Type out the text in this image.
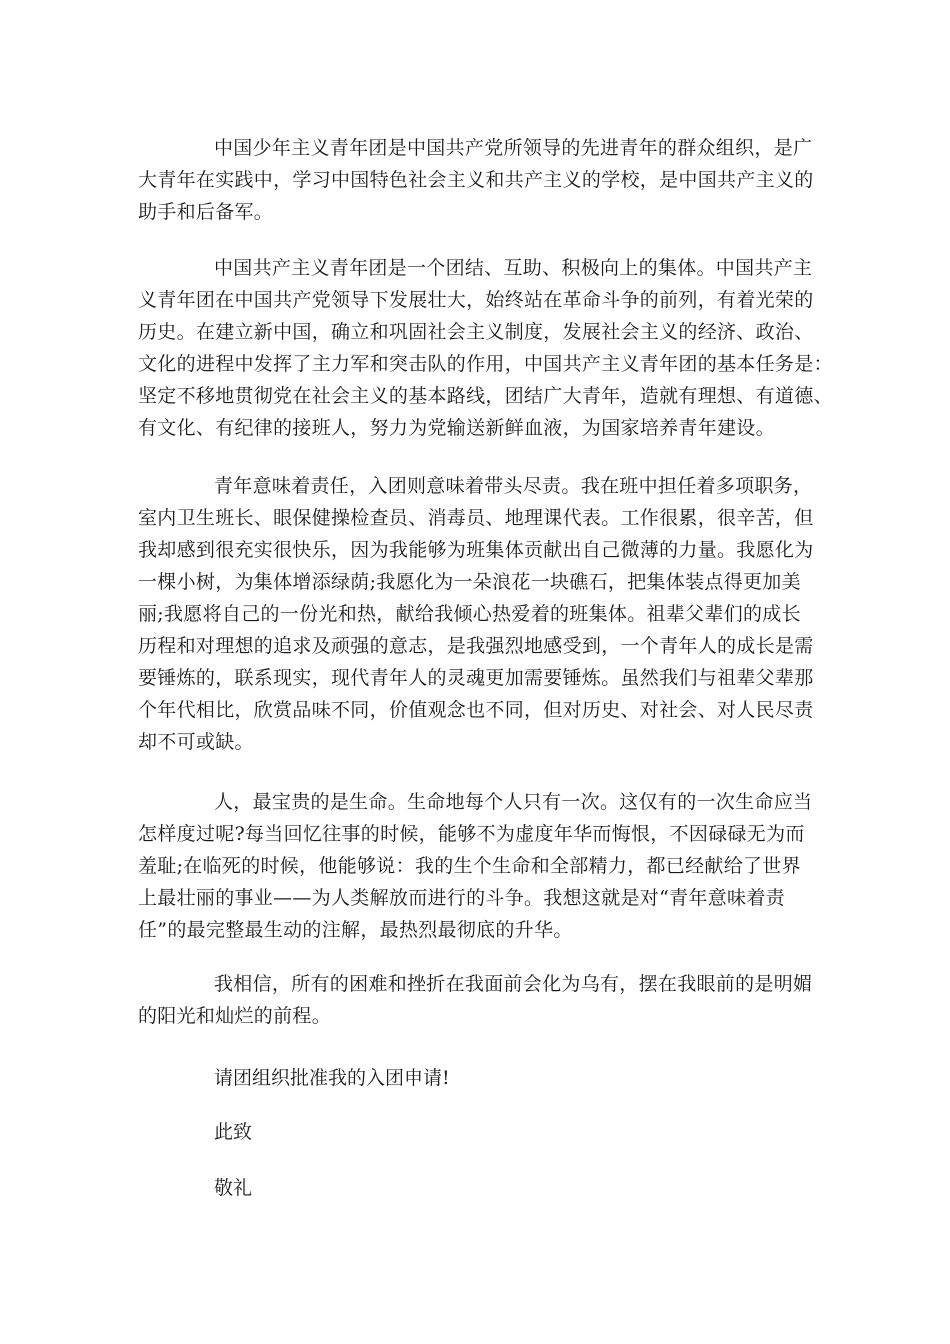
中国少年主义青年团是中国共产党所领导的先进青年的群众组织，是广
大青年在实践中，学习中国特色社会主义和共产主义的学校，是中国共产主义的
助手和后备军。
中国共产主义青年团是一个团结、互助、积极向上的集体。中国共产主
义青年团在中国共产党领导下发展壮大，始终站在革命斗争的前列，有着光荣的
历史。在建立新中国，确立和巩固社会主义制度，发展社会主义的经济、政治、
文化的进程中发挥了主力军和突击队的作用，中国共产主义青年团的基本任务是：
坚定不移地贯彻党在社会主义的基本路线，团结广大青年，造就有理想、有道德、
有文化、有纪律的接班人，努力为党输送新鲜血液，为国家培养青年建设。
青年意味着责任，入团则意味着带头尽责。我在班中担任着多项职务，
室内卫生班长、眼保健操检查员、消毒员、地理课代表。工作很累，很辛苦，但
我却感到很充实很快乐，因为我能够为班集体贡献出自己微薄的力量。我愿化为
一棵小树，为集体增添绿荫;我愿化为一朵浪花一块礁石，把集体装点得更加美
丽;我愿将自己的一份光和热，献给我倾心热爱着的班集体。祖辈父辈们的成长
历程和对理想的追求及顽强的意志，是我强烈地感受到，一个青年人的成长是需
要锤炼的，联系现实，现代青年人的灵魂更加需要锤炼。虽然我们与祖辈父辈那
个年代相比，欣赏品味不同，价值观念也不同，但对历史、对社会、对人民尽责
却不可或缺。
人，最宝贵的是生命。生命地每个人只有一次。这仅有的一次生命应当
怎样度过呢?每当回忆往事的时候，能够不为虚度年华而悔恨，不因碌碌无为而
羞耻;在临死的时候，他能够说：我的生个生命和全部精力，都已经献给了世界
上最壮丽的事业——为人类解放而进行的斗争。我想这就是对“青年意味着责
任”的最完整最生动的注解，最热烈最彻底的升华。
我相信，所有的困难和挫折在我面前会化为乌有，摆在我眼前的是明媚
的阳光和灿烂的前程。

请团组织批准我的入团申请!

此致

敬礼
